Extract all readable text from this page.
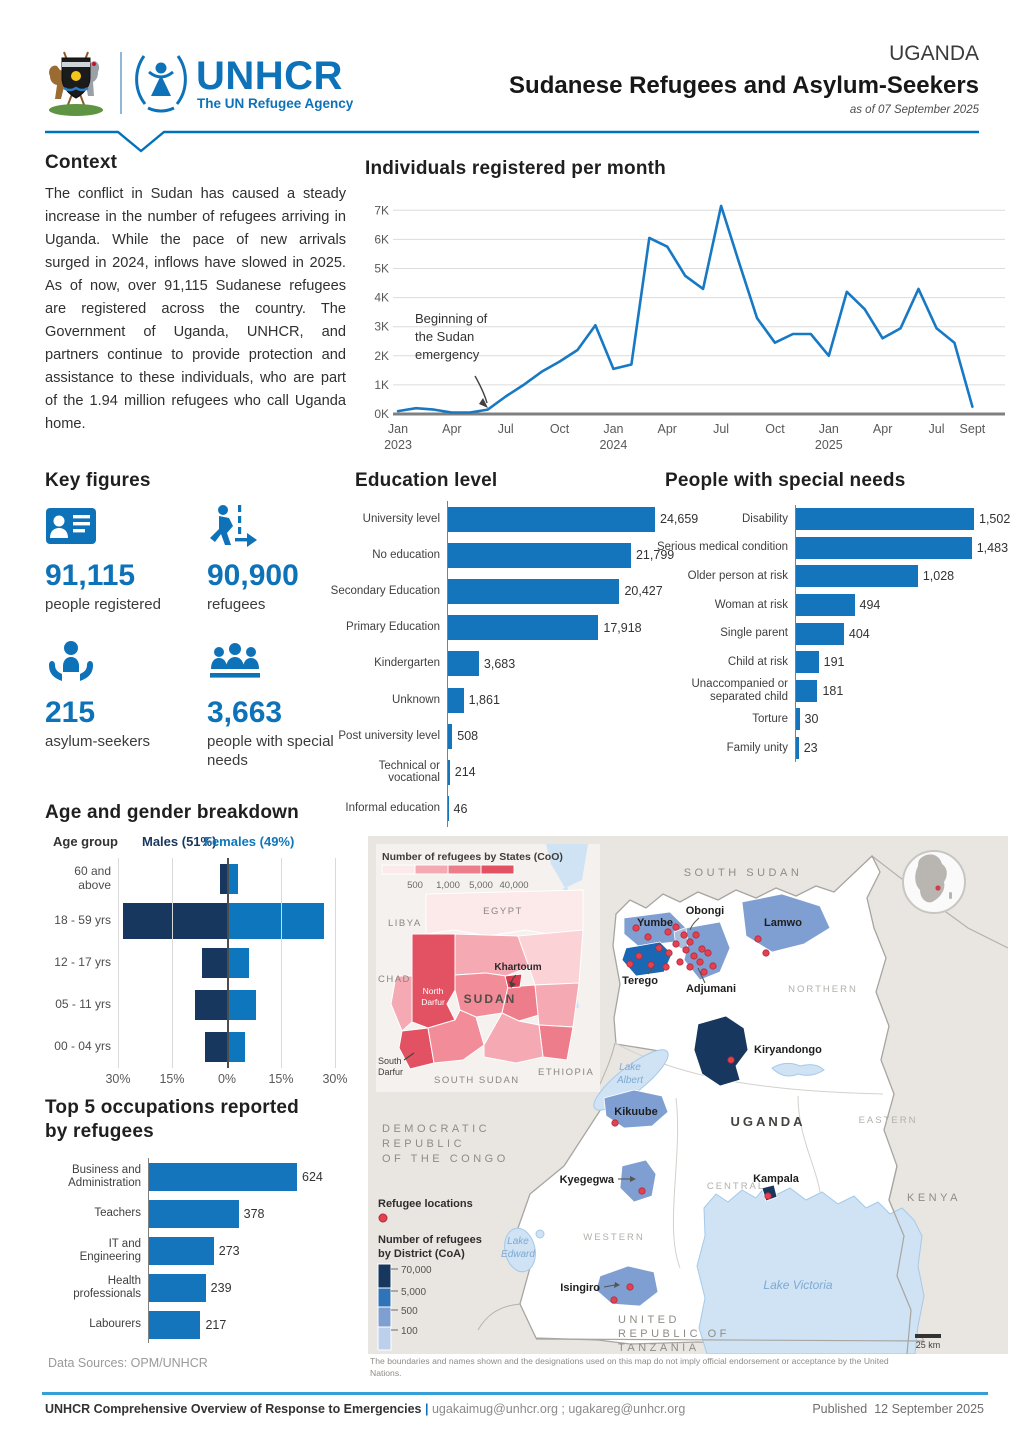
UNHCR
The UN Refugee Agency
UGANDA
Sudanese Refugees and Asylum-Seekers
as of 07 September 2025
Context
The conflict in Sudan has caused a steady increase in the number of refugees arriving in Uganda. While the pace of new arrivals surged in 2024, inflows have slowed in 2025. As of now, over 91,115 Sudanese refugees are registered across the country. The Government of Uganda, UNHCR, and partners continue to provide protection and assistance to these individuals, who are part of the 1.94 million refugees who call Uganda home.
Individuals registered per month
0K
1K
2K
3K
4K
5K
6K
7K
Jan
2023
Apr	Jul	Oct	Jan
2024
Apr	Jul	Oct	Jan
2025
Apr	Jul Sept
Beginning of
the Sudan
emergency
Key figures
91,115
people registered
90,900
refugees
215
asylum-seekers
3,663
people with special needs
Education level
University level	24,659
No education	21,799
Secondary Education	20,427
Primary Education	17,918
Kindergarten	3,683
Unknown	1,861
Post university level	508
Technical or vocational	214
Informal education	46
People with special needs
Disability	1,502
Serious medical condition	1,483
Older person at risk	1,028
Woman at risk	494
Single parent	404
Child at risk	191
Unaccompanied or separated child	181
Torture	30
Family unity	23
Age and gender breakdown
Age group Males (51%)
Females (49%)
60 and above
18 - 59 yrs
12 - 17 yrs
05 - 11 yrs
00 - 04 yrs
30% 15%	0%	15% 30%
Top 5 occupations reported by refugees
Business and Administration	624
Teachers	378
IT and Engineering	273
Health professionals	239
Labourers	217
Data Sources: OPM/UNHCR
SOUTH SUDAN
DEMOCRATIC
REPUBLIC
OF THE CONGO
KENYA
UNITED
REPUBLIC OF
TANZANIA
UGANDA
NORTHERN
EASTERN
CENTRAL
WESTERN
Yumbe
Obongi
Lamwo
Terego
Adjumani
Kiryandongo
Kikuube
Kyegegwa
Isingiro
Kampala
Lake
Albert
Lake
Edward
Lake Victoria
Number of refugees by States (CoO)
500 1,000 5,000 40,000
LIBYA
EGYPT
CHAD
SUDAN
Khartoum
North
Darfur
South
Darfur
SOUTH SUDAN
ETHIOPIA
Refugee locations
Number of refugees
by District (CoA)
70,000
5,000
500
100
25 km
The boundaries and names shown and the designations used on this map do not imply official endorsement or acceptance by the United
Nations.
UNHCR Comprehensive Overview of Response to Emergencies | ugakaimug@unhcr.org ; ugakareg@unhcr.org	Published  12 September 2025
